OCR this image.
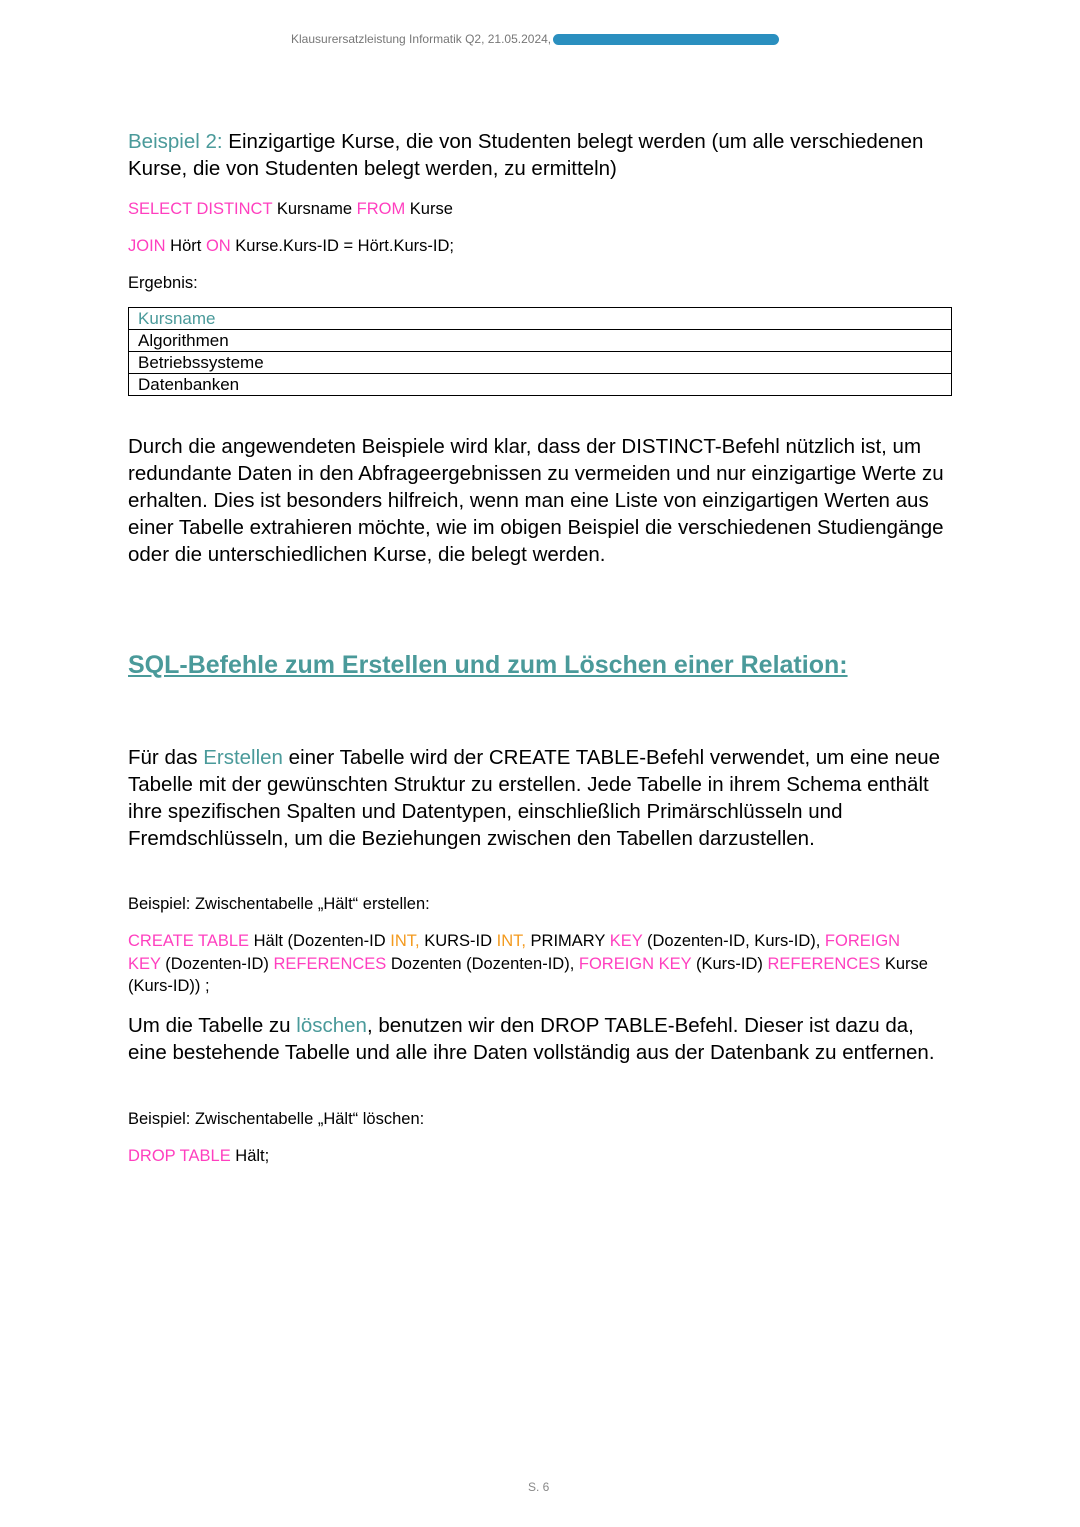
Klausurersatzleistung Informatik Q2, 21.05.2024,

Beispiel 2: Einzigartige Kurse, die von Studenten belegt werden (um alle verschiedenen Kurse, die von Studenten belegt werden, zu ermitteln)

SELECT DISTINCT Kursname FROM Kurse

JOIN Hört ON Kurse.Kurs-ID = Hört.Kurs-ID;

Ergebnis:

Kursname
Algorithmen
Betriebssysteme
Datenbanken

Durch die angewendeten Beispiele wird klar, dass der DISTINCT-Befehl nützlich ist, um redundante Daten in den Abfrageergebnissen zu vermeiden und nur einzigartige Werte zu erhalten. Dies ist besonders hilfreich, wenn man eine Liste von einzigartigen Werten aus einer Tabelle extrahieren möchte, wie im obigen Beispiel die verschiedenen Studiengänge oder die unterschiedlichen Kurse, die belegt werden.

SQL-Befehle zum Erstellen und zum Löschen einer Relation:

Für das Erstellen einer Tabelle wird der CREATE TABLE-Befehl verwendet, um eine neue Tabelle mit der gewünschten Struktur zu erstellen. Jede Tabelle in ihrem Schema enthält ihre spezifischen Spalten und Datentypen, einschließlich Primärschlüsseln und Fremdschlüsseln, um die Beziehungen zwischen den Tabellen darzustellen.

Beispiel: Zwischentabelle „Hält“ erstellen:

CREATE TABLE Hält (Dozenten-ID INT, KURS-ID INT, PRIMARY KEY (Dozenten-ID, Kurs-ID), FOREIGN KEY (Dozenten-ID) REFERENCES Dozenten (Dozenten-ID), FOREIGN KEY (Kurs-ID) REFERENCES Kurse (Kurs-ID)) ;

Um die Tabelle zu löschen, benutzen wir den DROP TABLE-Befehl. Dieser ist dazu da, eine bestehende Tabelle und alle ihre Daten vollständig aus der Datenbank zu entfernen.

Beispiel: Zwischentabelle „Hält“ löschen:

DROP TABLE Hält;

S. 6
